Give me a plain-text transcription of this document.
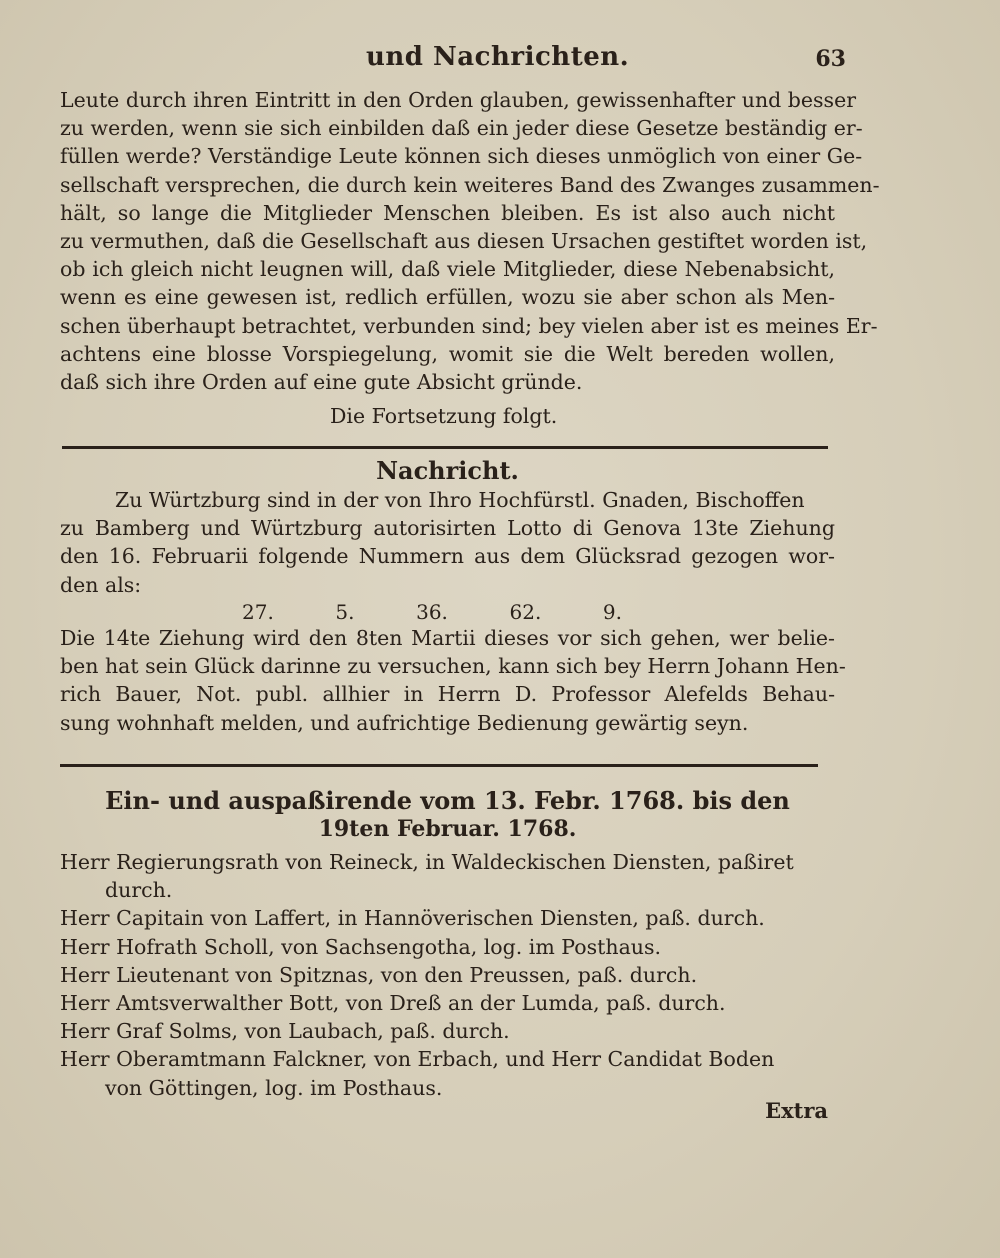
und Nachrichten.	63

Leute durch ihren Eintritt in den Orden glauben, gewissenhafter und besser

zu werden, wenn sie sich einbilden daß ein jeder diese Gesetze beständig er-

füllen werde? Verständige Leute können sich dieses unmöglich von einer Ge-

sellschaft versprechen, die durch kein weiteres Band des Zwanges zusammen-

hält, so lange die Mitglieder Menschen bleiben. Es ist also auch nicht

zu vermuthen, daß die Gesellschaft aus diesen Ursachen gestiftet worden ist,

ob ich gleich nicht leugnen will, daß viele Mitglieder, diese Nebenabsicht,

wenn es eine gewesen ist, redlich erfüllen, wozu sie aber schon als Men-

schen überhaupt betrachtet, verbunden sind; bey vielen aber ist es meines Er-

achtens eine blosse Vorspiegelung, womit sie die Welt bereden wollen,

daß sich ihre Orden auf eine gute Absicht gründe.

Die Fortsetzung folgt.
Nachricht.

Zu Würtzburg sind in der von Ihro Hochfürstl. Gnaden, Bischoffen

zu Bamberg und Würtzburg autorisirten Lotto di Genova 13te Ziehung

den 16. Februarii folgende Nummern aus dem Glücksrad gezogen wor-

den als:

27.	5.	36.	62.	9.

Die 14te Ziehung wird den 8ten Martii dieses vor sich gehen, wer belie-

ben hat sein Glück darinne zu versuchen, kann sich bey Herrn Johann Hen-

rich Bauer, Not. publ. allhier in Herrn D. Professor Alefelds Behau-

sung wohnhaft melden, und aufrichtige Bedienung gewärtig seyn.

Ein- und auspaßirende vom 13. Febr. 1768. bis den
19ten Februar. 1768.

Herr Regierungsrath von Reineck, in Waldeckischen Diensten, paßiret

durch.

Herr Capitain von Laffert, in Hannöverischen Diensten, paß. durch.

Herr Hofrath Scholl, von Sachsengotha, log. im Posthaus.

Herr Lieutenant von Spitznas, von den Preussen, paß. durch.

Herr Amtsverwalther Bott, von Dreß an der Lumda, paß. durch.

Herr Graf Solms, von Laubach, paß. durch.

Herr Oberamtmann Falckner, von Erbach, und Herr Candidat Boden

von Göttingen, log. im Posthaus.

Extra
